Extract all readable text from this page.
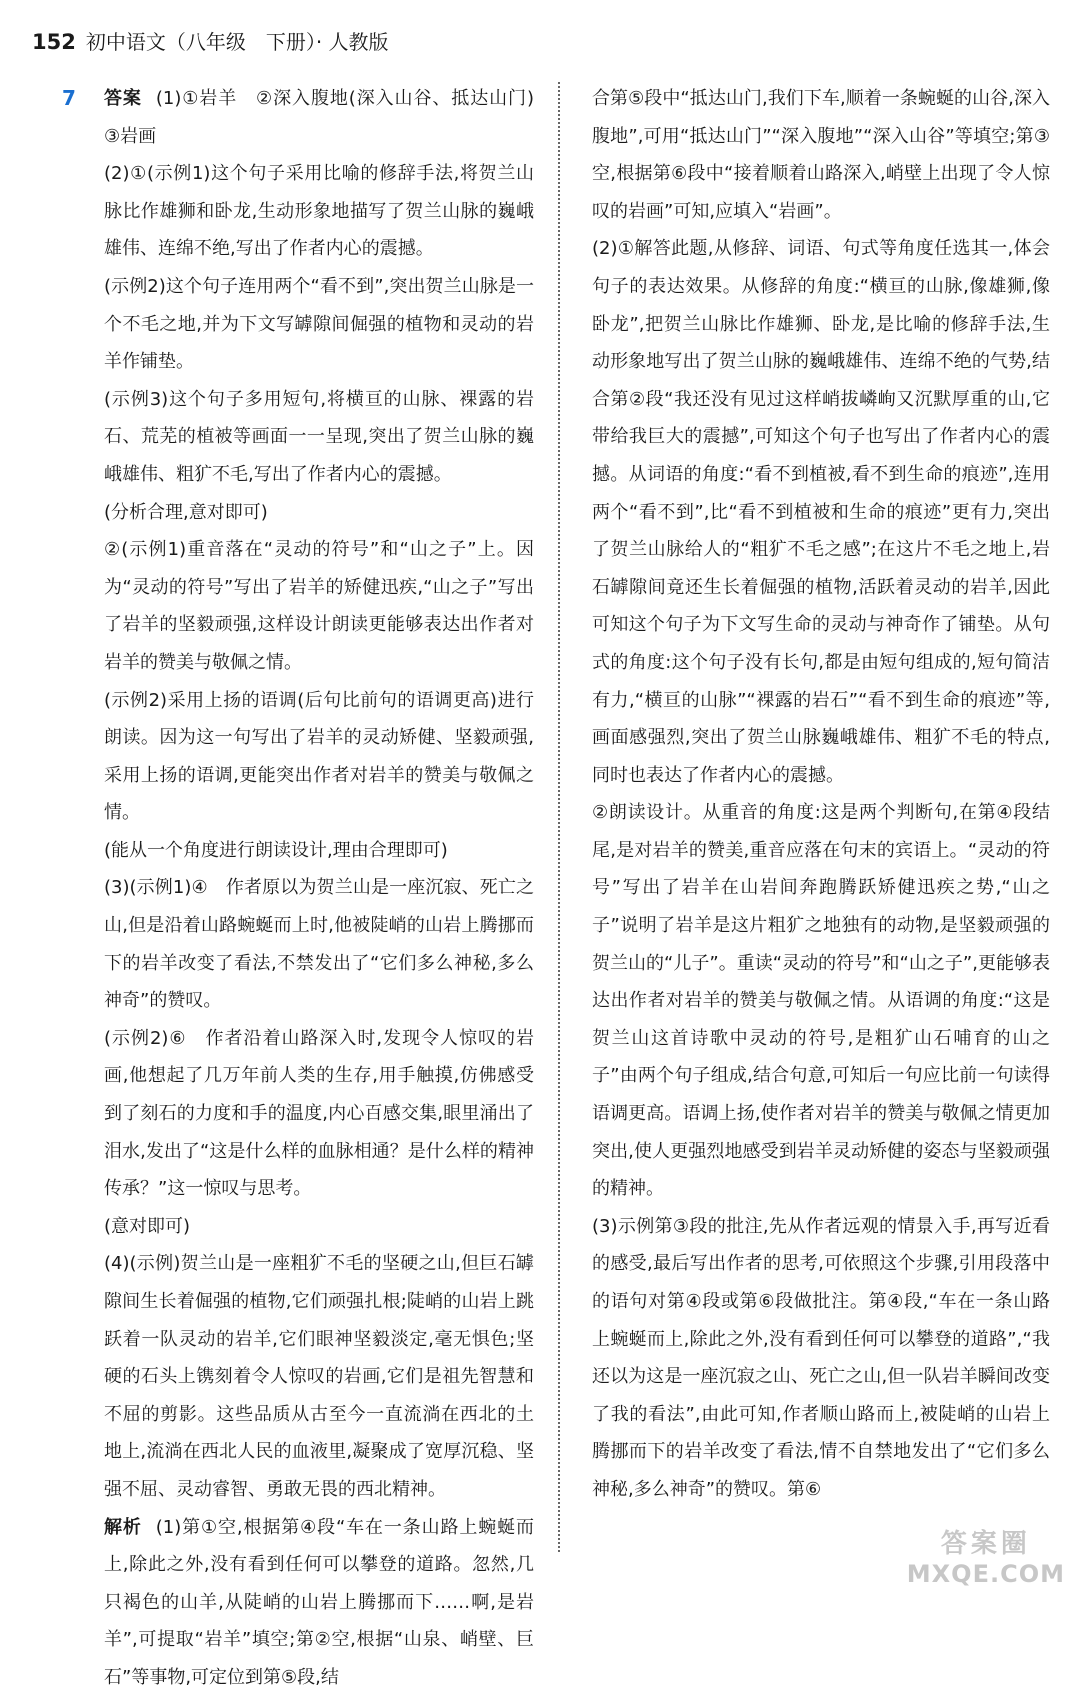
152 初中语文（八年级　下册）· 人教版
7 答案 (1)①岩羊　②深入腹地(深入山谷、抵达山门)　③岩画

(2)①(示例1)这个句子采用比喻的修辞手法,将贺兰山脉比作雄狮和卧龙,生动形象地描写了贺兰山脉的巍峨雄伟、连绵不绝,写出了作者内心的震撼。

(示例2)这个句子连用两个“看不到”,突出贺兰山脉是一个不毛之地,并为下文写罅隙间倔强的植物和灵动的岩羊作铺垫。

(示例3)这个句子多用短句,将横亘的山脉、裸露的岩石、荒芜的植被等画面一一呈现,突出了贺兰山脉的巍峨雄伟、粗犷不毛,写出了作者内心的震撼。

(分析合理,意对即可)

②(示例1)重音落在“灵动的符号”和“山之子”上。因为“灵动的符号”写出了岩羊的矫健迅疾,“山之子”写出了岩羊的坚毅顽强,这样设计朗读更能够表达出作者对岩羊的赞美与敬佩之情。

(示例2)采用上扬的语调(后句比前句的语调更高)进行朗读。因为这一句写出了岩羊的灵动矫健、坚毅顽强,采用上扬的语调,更能突出作者对岩羊的赞美与敬佩之情。

(能从一个角度进行朗读设计,理由合理即可)

(3)(示例1)④　作者原以为贺兰山是一座沉寂、死亡之山,但是沿着山路蜿蜒而上时,他被陡峭的山岩上腾挪而下的岩羊改变了看法,不禁发出了“它们多么神秘,多么神奇”的赞叹。

(示例2)⑥　作者沿着山路深入时,发现令人惊叹的岩画,他想起了几万年前人类的生存,用手触摸,仿佛感受到了刻石的力度和手的温度,内心百感交集,眼里涌出了泪水,发出了“这是什么样的血脉相通？是什么样的精神传承？”这一惊叹与思考。

(意对即可)

(4)(示例)贺兰山是一座粗犷不毛的坚硬之山,但巨石罅隙间生长着倔强的植物,它们顽强扎根;陡峭的山岩上跳跃着一队灵动的岩羊,它们眼神坚毅淡定,毫无惧色;坚硬的石头上镌刻着令人惊叹的岩画,它们是祖先智慧和不屈的剪影。这些品质从古至今一直流淌在西北的土地上,流淌在西北人民的血液里,凝聚成了宽厚沉稳、坚强不屈、灵动睿智、勇敢无畏的西北精神。

解析 (1)第①空,根据第④段“车在一条山路上蜿蜒而上,除此之外,没有看到任何可以攀登的道路。忽然,几只褐色的山羊,从陡峭的山岩上腾挪而下……啊,是岩羊”,可提取“岩羊”填空;第②空,根据“山泉、峭壁、巨石”等事物,可定位到第⑤段,结

合第⑤段中“抵达山门,我们下车,顺着一条蜿蜒的山谷,深入腹地”,可用“抵达山门”“深入腹地”“深入山谷”等填空;第③空,根据第⑥段中“接着顺着山路深入,峭壁上出现了令人惊叹的岩画”可知,应填入“岩画”。

(2)①解答此题,从修辞、词语、句式等角度任选其一,体会句子的表达效果。从修辞的角度:“横亘的山脉,像雄狮,像卧龙”,把贺兰山脉比作雄狮、卧龙,是比喻的修辞手法,生动形象地写出了贺兰山脉的巍峨雄伟、连绵不绝的气势,结合第②段“我还没有见过这样峭拔嶙峋又沉默厚重的山,它带给我巨大的震撼”,可知这个句子也写出了作者内心的震撼。从词语的角度:“看不到植被,看不到生命的痕迹”,连用两个“看不到”,比“看不到植被和生命的痕迹”更有力,突出了贺兰山脉给人的“粗犷不毛之感”;在这片不毛之地上,岩石罅隙间竟还生长着倔强的植物,活跃着灵动的岩羊,因此可知这个句子为下文写生命的灵动与神奇作了铺垫。从句式的角度:这个句子没有长句,都是由短句组成的,短句简洁有力,“横亘的山脉”“裸露的岩石”“看不到生命的痕迹”等,画面感强烈,突出了贺兰山脉巍峨雄伟、粗犷不毛的特点,同时也表达了作者内心的震撼。

②朗读设计。从重音的角度:这是两个判断句,在第④段结尾,是对岩羊的赞美,重音应落在句末的宾语上。“灵动的符号”写出了岩羊在山岩间奔跑腾跃矫健迅疾之势,“山之子”说明了岩羊是这片粗犷之地独有的动物,是坚毅顽强的贺兰山的“儿子”。重读“灵动的符号”和“山之子”,更能够表达出作者对岩羊的赞美与敬佩之情。从语调的角度:“这是贺兰山这首诗歌中灵动的符号,是粗犷山石哺育的山之子”由两个句子组成,结合句意,可知后一句应比前一句读得语调更高。语调上扬,使作者对岩羊的赞美与敬佩之情更加突出,使人更强烈地感受到岩羊灵动矫健的姿态与坚毅顽强的精神。

(3)示例第③段的批注,先从作者远观的情景入手,再写近看的感受,最后写出作者的思考,可依照这个步骤,引用段落中的语句对第④段或第⑥段做批注。第④段,“车在一条山路上蜿蜒而上,除此之外,没有看到任何可以攀登的道路”,“我还以为这是一座沉寂之山、死亡之山,但一队岩羊瞬间改变了我的看法”,由此可知,作者顺山路而上,被陡峭的山岩上腾挪而下的岩羊改变了看法,情不自禁地发出了“它们多么神秘,多么神奇”的赞叹。第⑥

答案圈
MXQE.COM
